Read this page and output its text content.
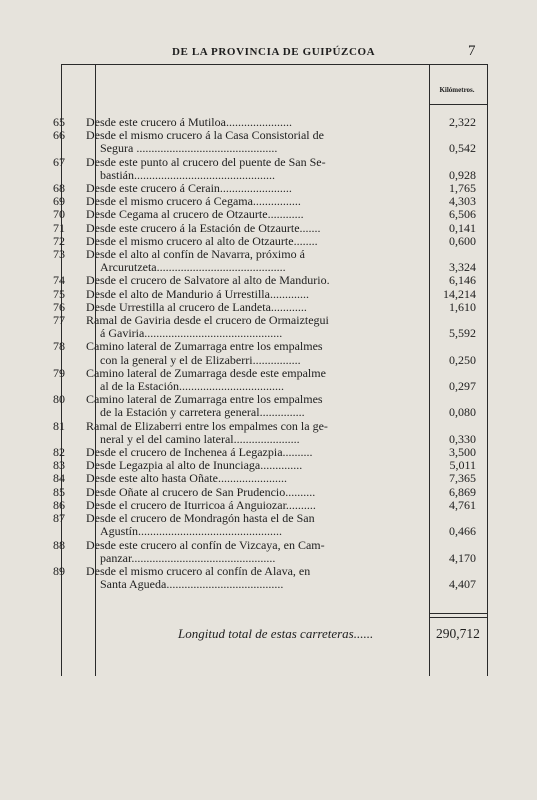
DE LA PROVINCIA DE GUIPÚZCOA	7
Kilómetros.
65	Desde este crucero á Mutiloa......................	2,322
66	Desde el mismo crucero á la Casa Consistorial de
Segura ...............................................	0,542
67	Desde este punto al crucero del puente de San Se-
bastián...............................................	0,928
68	Desde este crucero á Cerain........................	1,765
69	Desde el mismo crucero á Cegama................	4,303
70	Desde Cegama al crucero de Otzaurte............	6,506
71	Desde este crucero á la Estación de Otzaurte.......	0,141
72	Desde el mismo crucero al alto de Otzaurte........	0,600
73	Desde el alto al confín de Navarra, próximo á
Arcurutzeta...........................................	3,324
74	Desde el crucero de Salvatore al alto de Mandurio.	6,146
75	Desde el alto de Mandurio á Urrestilla.............	14,214
76	Desde Urrestilla al crucero de Landeta............	1,610
77	Ramal de Gaviria desde el crucero de Ormaiztegui
á Gaviria..............................................	5,592
78	Camino lateral de Zumarraga entre los empalmes
con la general y el de Elizaberri................	0,250
79	Camino lateral de Zumarraga desde este empalme
al de la Estación...................................	0,297
80	Camino lateral de Zumarraga entre los empalmes
de la Estación y carretera general...............	0,080
81	Ramal de Elizaberri entre los empalmes con la ge-
neral y el del camino lateral......................	0,330
82	Desde el crucero de Inchenea á Legazpia..........	3,500
83	Desde Legazpia al alto de Inunciaga..............	5,011
84	Desde este alto hasta Oñate.......................	7,365
85	Desde Oñate al crucero de San Prudencio..........	6,869
86	Desde el crucero de Iturricoa á Anguiozar..........	4,761
87	Desde el crucero de Mondragón hasta el de San
Agustín................................................	0,466
88	Desde este crucero al confín de Vizcaya, en Cam-
panzar................................................	4,170
89	Desde el mismo crucero al confín de Alava, en
Santa Agueda.......................................	4,407
Longitud total de estas carreteras......	290,712
